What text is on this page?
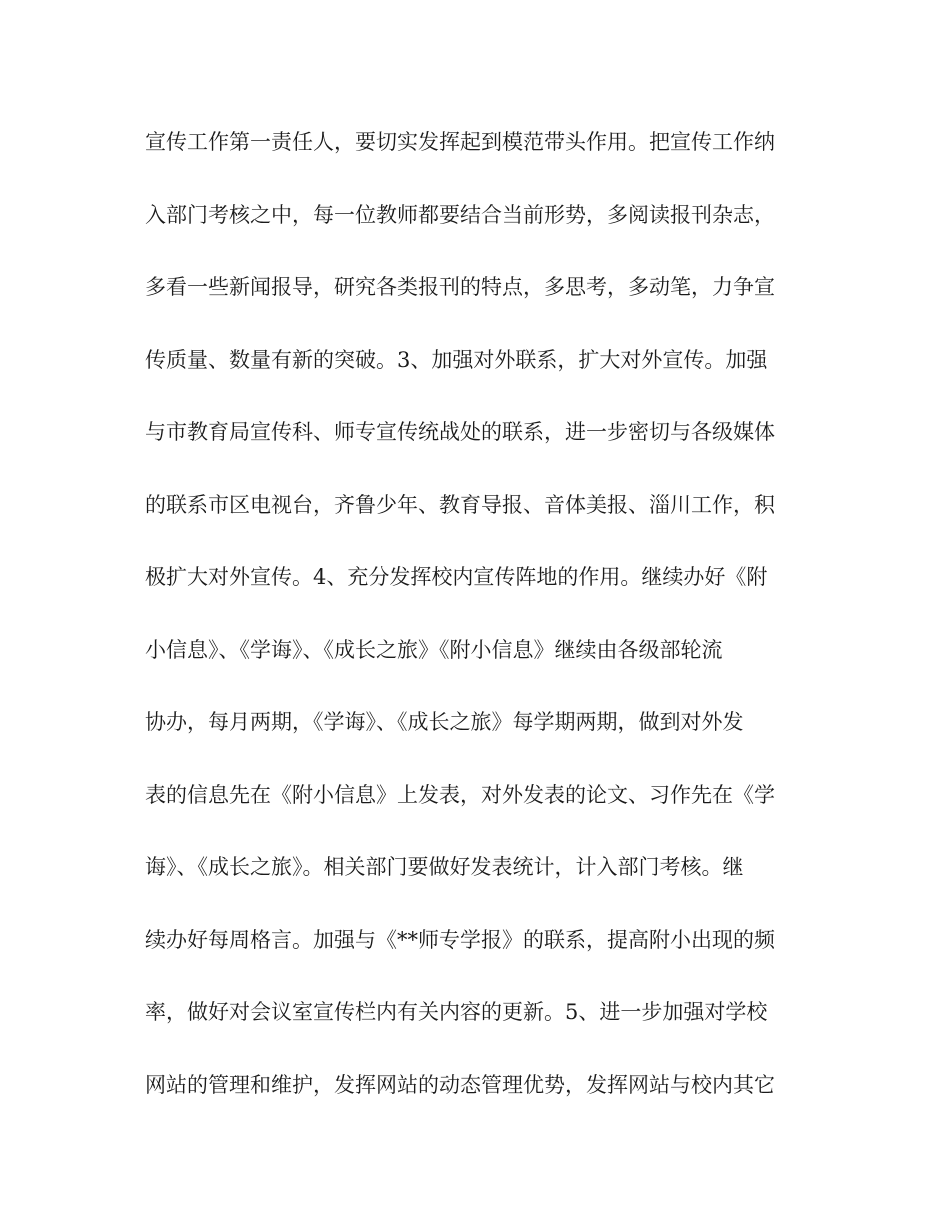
宣传工作第一责任人，要切实发挥起到模范带头作用。把宣传工作纳
入部门考核之中，每一位教师都要结合当前形势，多阅读报刊杂志，
多看一些新闻报导，研究各类报刊的特点，多思考，多动笔，力争宣
传质量、数量有新的突破。3、加强对外联系，扩大对外宣传。加强
与市教育局宣传科、师专宣传统战处的联系，进一步密切与各级媒体
的联系市区电视台，齐鲁少年、教育导报、音体美报、淄川工作，积
极扩大对外宣传。4、充分发挥校内宣传阵地的作用。继续办好《附
小信息》、《学诲》、《成长之旅》《附小信息》继续由各级部轮流
协办，每月两期，《学诲》、《成长之旅》每学期两期，做到对外发
表的信息先在《附小信息》上发表，对外发表的论文、习作先在《学
诲》、《成长之旅》。相关部门要做好发表统计，计入部门考核。继
续办好每周格言。加强与《**师专学报》的联系，提高附小出现的频
率，做好对会议室宣传栏内有关内容的更新。5、进一步加强对学校
网站的管理和维护，发挥网站的动态管理优势，发挥网站与校内其它
